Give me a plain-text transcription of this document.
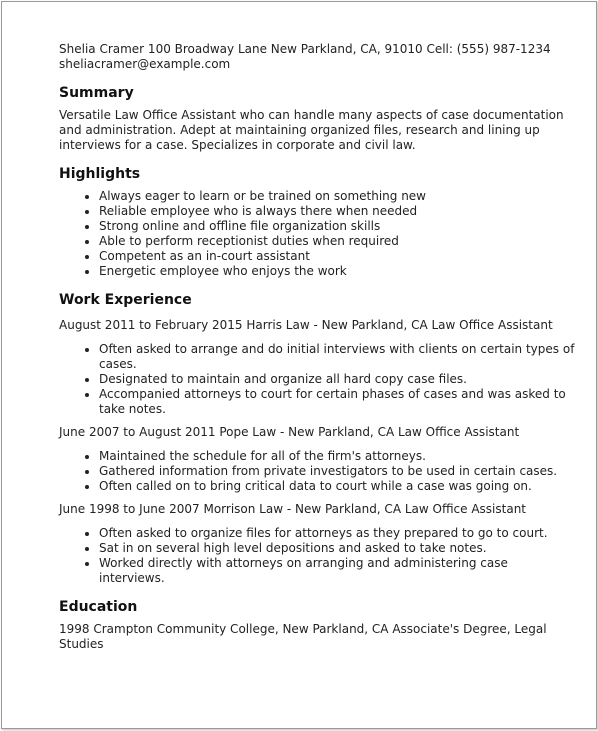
Shelia Cramer 100 Broadway Lane New Parkland, CA, 91010 Cell: (555) 987-1234

sheliacramer@example.com

Summary

Versatile Law Office Assistant who can handle many aspects of case documentation and administration. Adept at maintaining organized files, research and lining up interviews for a case. Specializes in corporate and civil law.

Highlights
• Always eager to learn or be trained on something new
• Reliable employee who is always there when needed
• Strong online and offline file organization skills
• Able to perform receptionist duties when required
• Competent as an in-court assistant
• Energetic employee who enjoys the work
Work Experience

August 2011 to February 2015 Harris Law - New Parkland, CA Law Office Assistant

• Often asked to arrange and do initial interviews with clients on certain types of cases.
• Designated to maintain and organize all hard copy case files.
• Accompanied attorneys to court for certain phases of cases and was asked to take notes.

June 2007 to August 2011 Pope Law - New Parkland, CA Law Office Assistant

• Maintained the schedule for all of the firm's attorneys.
• Gathered information from private investigators to be used in certain cases.
• Often called on to bring critical data to court while a case was going on.

June 1998 to June 2007 Morrison Law - New Parkland, CA Law Office Assistant

• Often asked to organize files for attorneys as they prepared to go to court.
• Sat in on several high level depositions and asked to take notes.
• Worked directly with attorneys on arranging and administering case interviews.
Education

1998 Crampton Community College, New Parkland, CA Associate's Degree, Legal Studies
